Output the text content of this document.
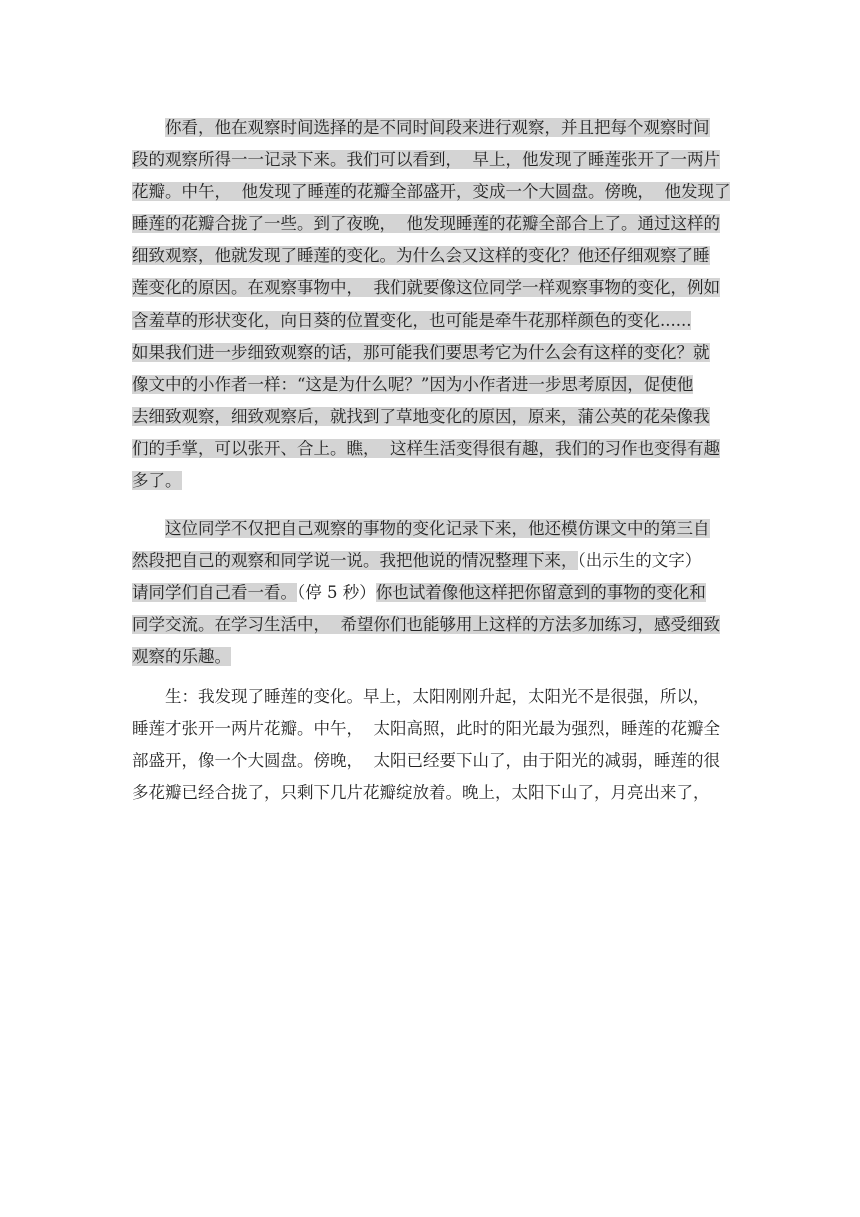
你看，他在观察时间选择的是不同时间段来进行观察，并且把每个观察时间
段的观察所得一一记录下来。我们可以看到，  早上，他发现了睡莲张开了一两片
花瓣。中午，  他发现了睡莲的花瓣全部盛开，变成一个大圆盘。傍晚，  他发现了
睡莲的花瓣合拢了一些。到了夜晚，  他发现睡莲的花瓣全部合上了。通过这样的
细致观察，他就发现了睡莲的变化。为什么会又这样的变化？他还仔细观察了睡
莲变化的原因。在观察事物中，  我们就要像这位同学一样观察事物的变化，例如
含羞草的形状变化，向日葵的位置变化，也可能是牵牛花那样颜色的变化......
如果我们进一步细致观察的话，那可能我们要思考它为什么会有这样的变化？就
像文中的小作者一样：“这是为什么呢？”因为小作者进一步思考原因，促使他
去细致观察，细致观察后，就找到了草地变化的原因，原来，蒲公英的花朵像我
们的手掌，可以张开、合上。瞧，  这样生活变得很有趣，我们的习作也变得有趣
多了。
这位同学不仅把自己观察的事物的变化记录下来，他还模仿课文中的第三自
然段把自己的观察和同学说一说。我把他说的情况整理下来，（出示生的文字）
请同学们自己看一看。（停 5 秒）你也试着像他这样把你留意到的事物的变化和
同学交流。在学习生活中，  希望你们也能够用上这样的方法多加练习，感受细致
观察的乐趣。
生：我发现了睡莲的变化。早上，太阳刚刚升起，太阳光不是很强，所以，
睡莲才张开一两片花瓣。中午，  太阳高照，此时的阳光最为强烈，睡莲的花瓣全
部盛开，像一个大圆盘。傍晚，  太阳已经要下山了，由于阳光的减弱，睡莲的很
多花瓣已经合拢了，只剩下几片花瓣绽放着。晚上，太阳下山了，月亮出来了，
